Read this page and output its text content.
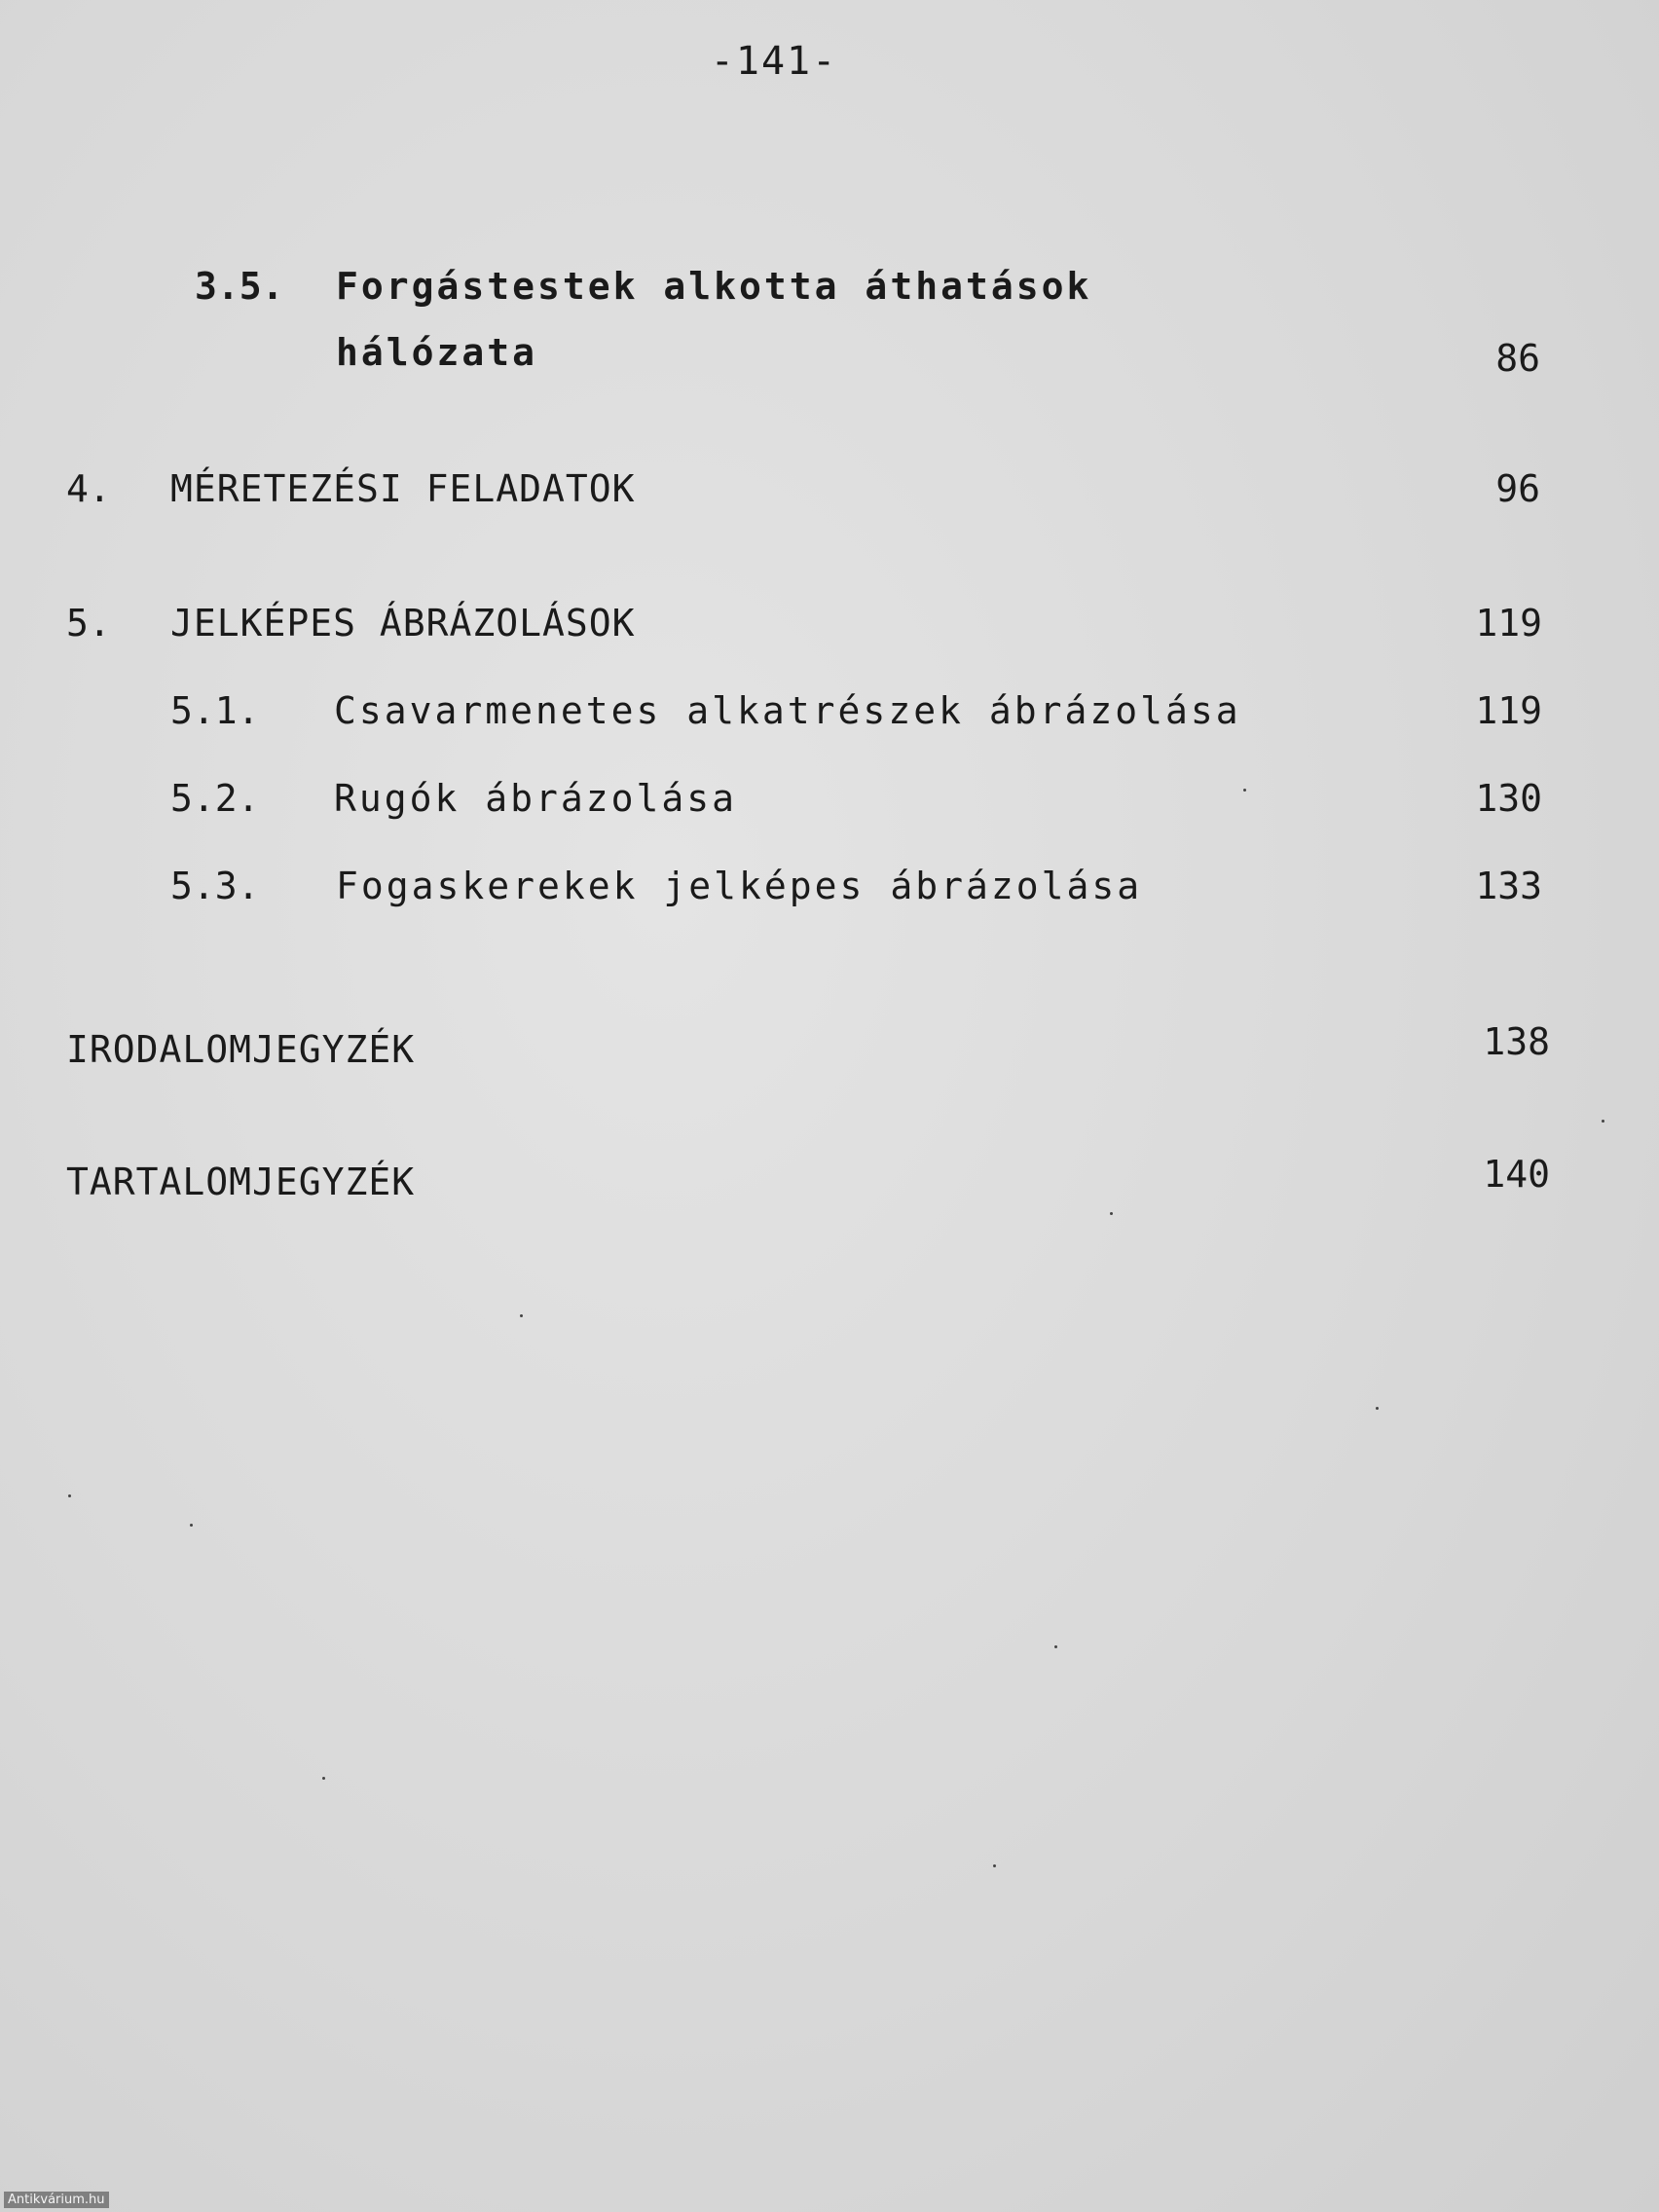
-141-
3.5. Forgástestek alkotta áthatások
hálózata	86
4. MÉRETEZÉSI FELADATOK	96
5. JELKÉPES ÁBRÁZOLÁSOK	119
5.1. Csavarmenetes alkatrészek ábrázolása	119
5.2. Rugók ábrázolása	130
5.3. Fogaskerekek jelképes ábrázolása	133
IRODALOMJEGYZÉK	138
TARTALOMJEGYZÉK	140
Antikvárium.hu
